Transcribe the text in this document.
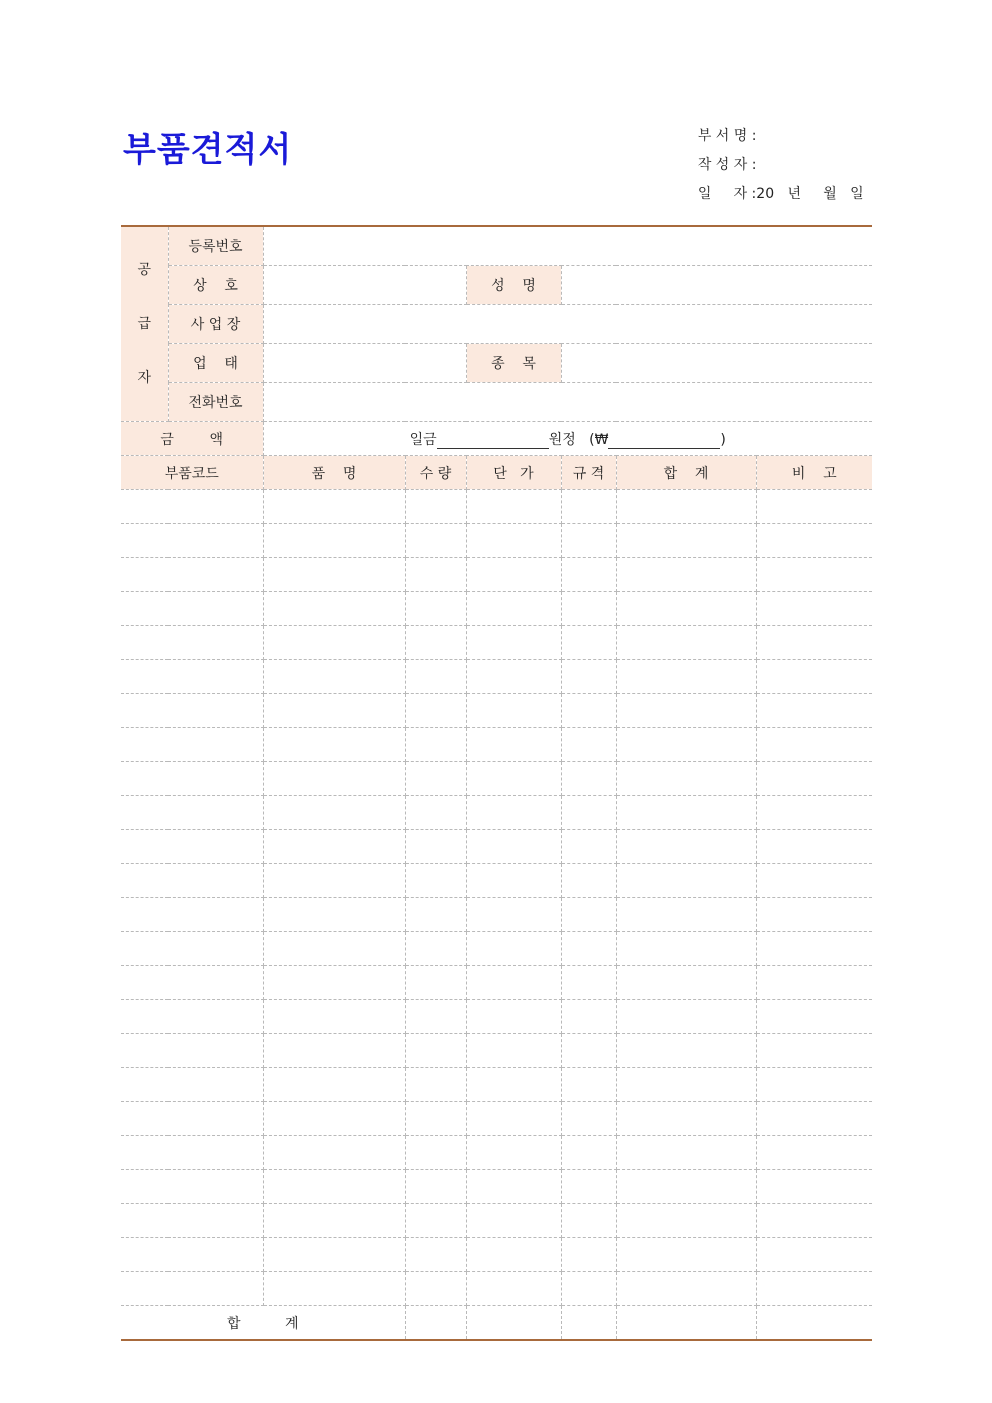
부품견적서	부 서 명 :

작 성 자 :

일     자 :20 년 월 일

공

급

자	등록번호						
	상    호			성    명			
	사 업 장						
	업    태			종    목			
	전화번호						
금        액		일금 원정   (₩ )					
부품코드		품    명	수 량	단   가	규 격	합    계	비    고

합          계							
